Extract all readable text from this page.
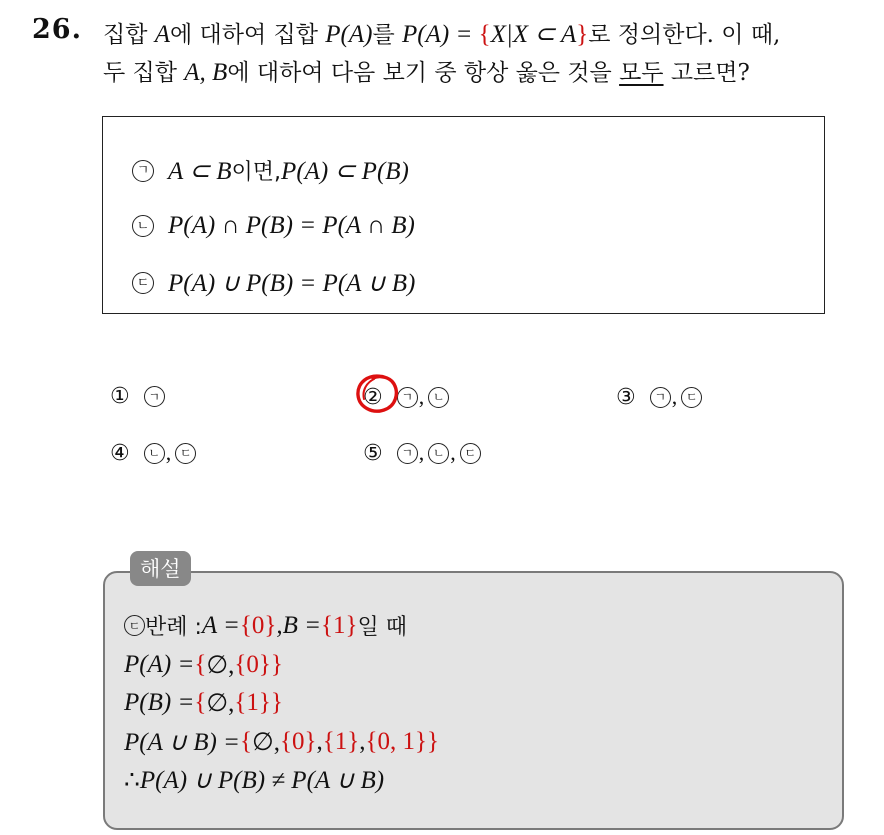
26. 집합 A에 대하여 집합 P(A)를 P(A) = {X|X ⊂ A}로 정의한다. 이 때,
두 집합 A, B에 대하여 다음 보기 중 항상 옳은 것을 모두 고르면?
ㄱ A ⊂ B 이면, P(A) ⊂ P(B)
ㄴ P(A) ∩ P(B) = P(A ∩ B)
ㄷ P(A) ∪ P(B) = P(A ∪ B)
①	ㄱ	②	ㄱ , ㄴ	③	ㄱ , ㄷ
④	ㄴ , ㄷ	⑤	ㄱ , ㄴ , ㄷ
해설
ㄷ 반례 : A = {0} , B = {1} 일 때
P(A) = { ∅, {0} }
P(B) = { ∅, {1} }
P(A ∪ B) = { ∅, {0} , {1} , {0, 1} }
∴ P(A) ∪ P(B) ≠ P(A ∪ B)
